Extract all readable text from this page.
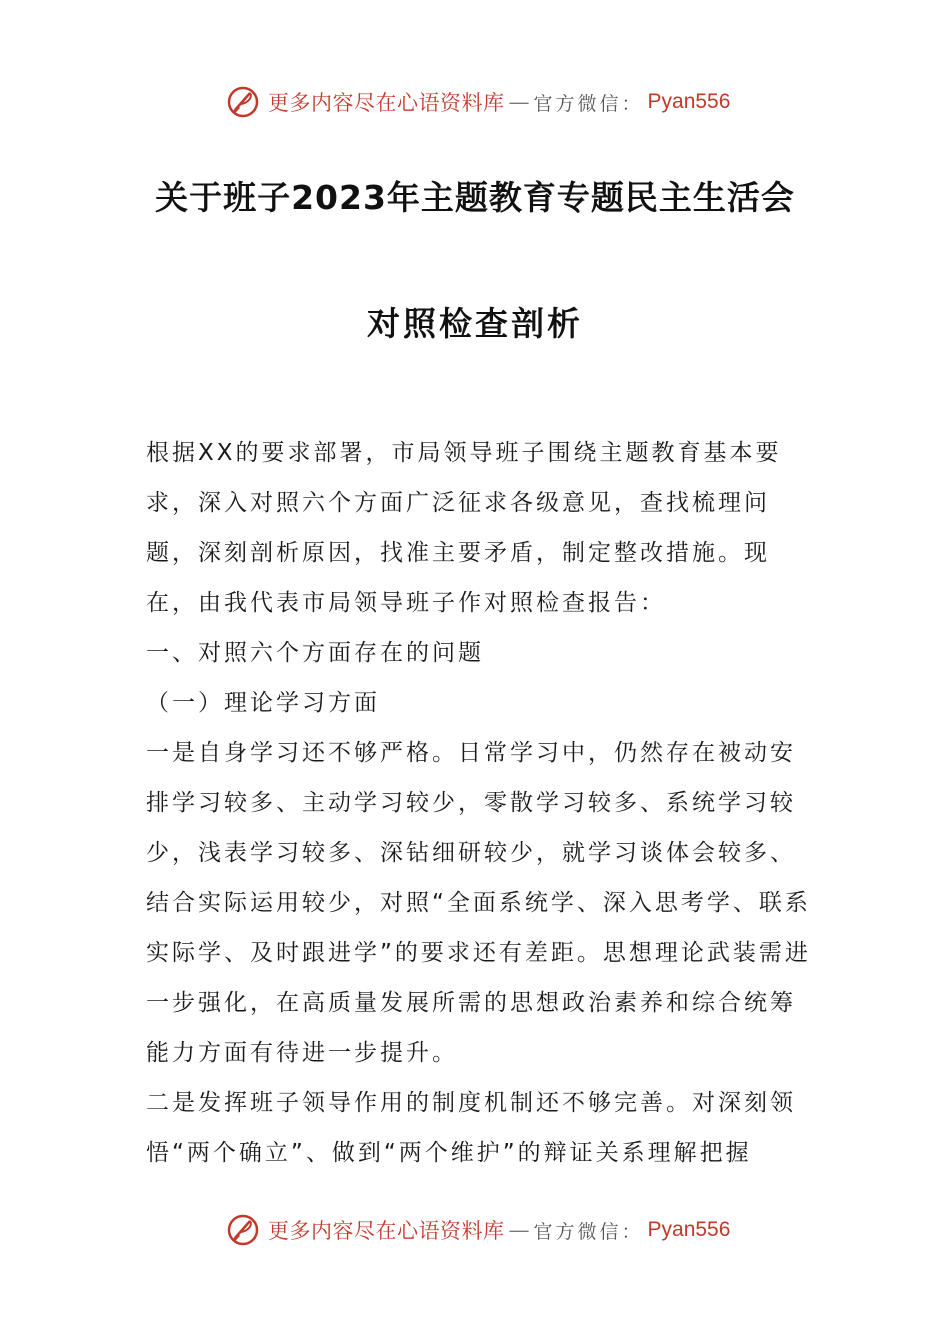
更多内容尽在心语资料库 — 官方微信： Pyan556
关于班子2023年主题教育专题民主生活会
对照检查剖析

根据XX的要求部署，市局领导班子围绕主题教育基本要求，深入对照六个方面广泛征求各级意见，查找梳理问题，深刻剖析原因，找准主要矛盾，制定整改措施。现在，由我代表市局领导班子作对照检查报告：

一、对照六个方面存在的问题

（一）理论学习方面

一是自身学习还不够严格。日常学习中，仍然存在被动安排学习较多、主动学习较少，零散学习较多、系统学习较少，浅表学习较多、深钻细研较少，就学习谈体会较多、结合实际运用较少，对照“全面系统学、深入思考学、联系实际学、及时跟进学”的要求还有差距。思想理论武装需进一步强化，在高质量发展所需的思想政治素养和综合统筹能力方面有待进一步提升。

二是发挥班子领导作用的制度机制还不够完善。对深刻领悟“两个确立”、做到“两个维护”的辩证关系理解把握

更多内容尽在心语资料库 — 官方微信： Pyan556
